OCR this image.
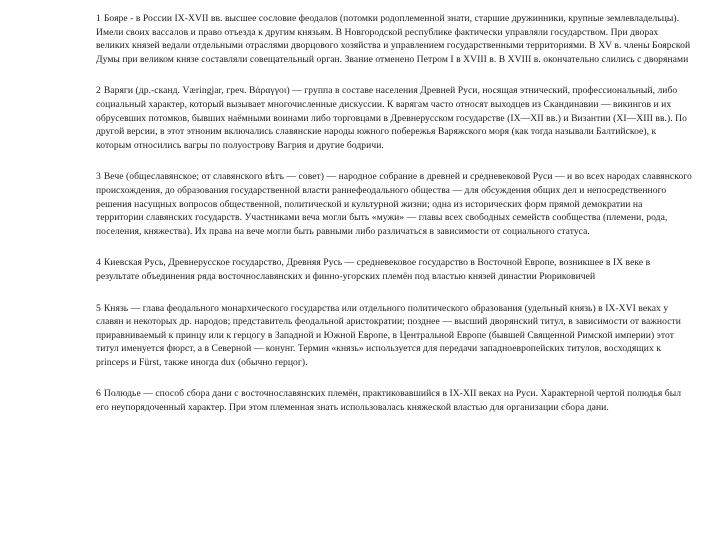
1 Бояре - в России IX-XVII вв. высшее сословие феодалов (потомки родоплеменной знати, старшие дружинники, крупные землевладельцы). Имели своих вассалов и право отъезда к другим князьям. В Новгородской республике фактически управляли государством. При дворах великих князей ведали отдельными отраслями дворцового хозяйства и управлением государственными территориями. В XV в. члены Боярской Думы при великом князе составляли совещательный орган. Звание отменено Петром I в XVIII в. В XVIII в. окончательно слились с дворянами

2 Варяги (др.-сканд. Væringjar, греч. Βάραγγοι) — группа в составе населения Древней Руси, носящая этнический, профессиональный, либо социальный характер, который вызывает многочисленные дискуссии. К варягам часто относят выходцев из Скандинавии — викингов и их обрусевших потомков, бывших наёмными воинами либо торговцами в Древнерусском государстве (IX—XII вв.) и Византии (XI—XIII вв.). По другой версии, в этот этноним включались славянские народы южного побережья Варяжского моря (как тогда называли Балтийское), к которым относились вагры по полуострову Вагрия и другие бодричи.

3 Вече (общеславянское; от славянского вѣтъ — совет) — народное собрание в древней и средневековой Руси — и во всех народах славянского происхождения, до образования государственной власти раннефеодального общества — для обсуждения общих дел и непосредственного решения насущных вопросов общественной, политической и культурной жизни; одна из исторических форм прямой демократии на территории славянских государств. Участниками веча могли быть «мужи» — главы всех свободных семейств сообщества (племени, рода, поселения, княжества). Их права на вече могли быть равными либо различаться в зависимости от социального статуса.

4 Киевская Русь, Древнерусское государство, Древняя Русь — средневековое государство в Восточной Европе, возникшее в IX веке в результате объединения ряда восточнославянских и финно-угорских племён под властью князей династии Рюриковичей

5 Князь — глава феодального монархического государства или отдельного политического образования (удельный князь) в IX-XVI веках у славян и некоторых др. народов; представитель феодальной аристократии; позднее — высший дворянский титул, в зависимости от важности приравниваемый к принцу или к герцогу в Западной и Южной Европе, в Центральной Европе (бывшей Священной Римской империи) этот титул именуется фюрст, а в Северной — конунг. Термин «князь» используется для передачи западноевропейских титулов, восходящих к princeps и Fürst, также иногда dux (обычно герцог).

6 Полюдье — способ сбора дани с восточнославянских племён, практиковавшийся в IX-XII веках на Руси. Характерной чертой полюдья был его неупорядоченный характер. При этом племенная знать использовалась княжеской властью для организации сбора дани.
